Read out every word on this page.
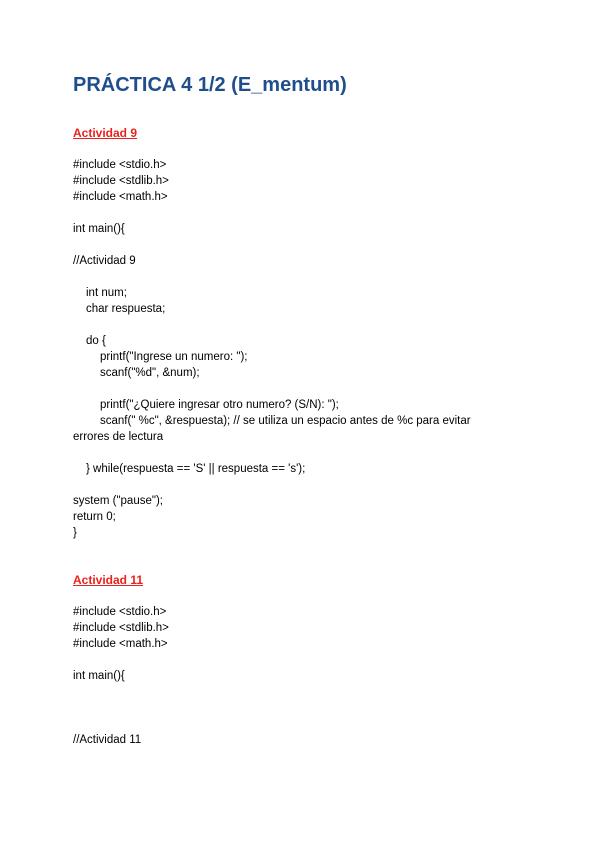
PRÁCTICA 4 1/2 (E_mentum)
Actividad 9
#include <stdio.h>
#include <stdlib.h>
#include <math.h>
int main(){
//Actividad 9
int num;
char respuesta;
do {
printf("Ingrese un numero: ");
scanf("%d", &num);
printf("¿Quiere ingresar otro numero? (S/N): ");
scanf(" %c", &respuesta); // se utiliza un espacio antes de %c para evitar
errores de lectura
} while(respuesta == 'S' || respuesta == 's');
system ("pause");
return 0;
}
Actividad 11
#include <stdio.h>
#include <stdlib.h>
#include <math.h>
int main(){
//Actividad 11
